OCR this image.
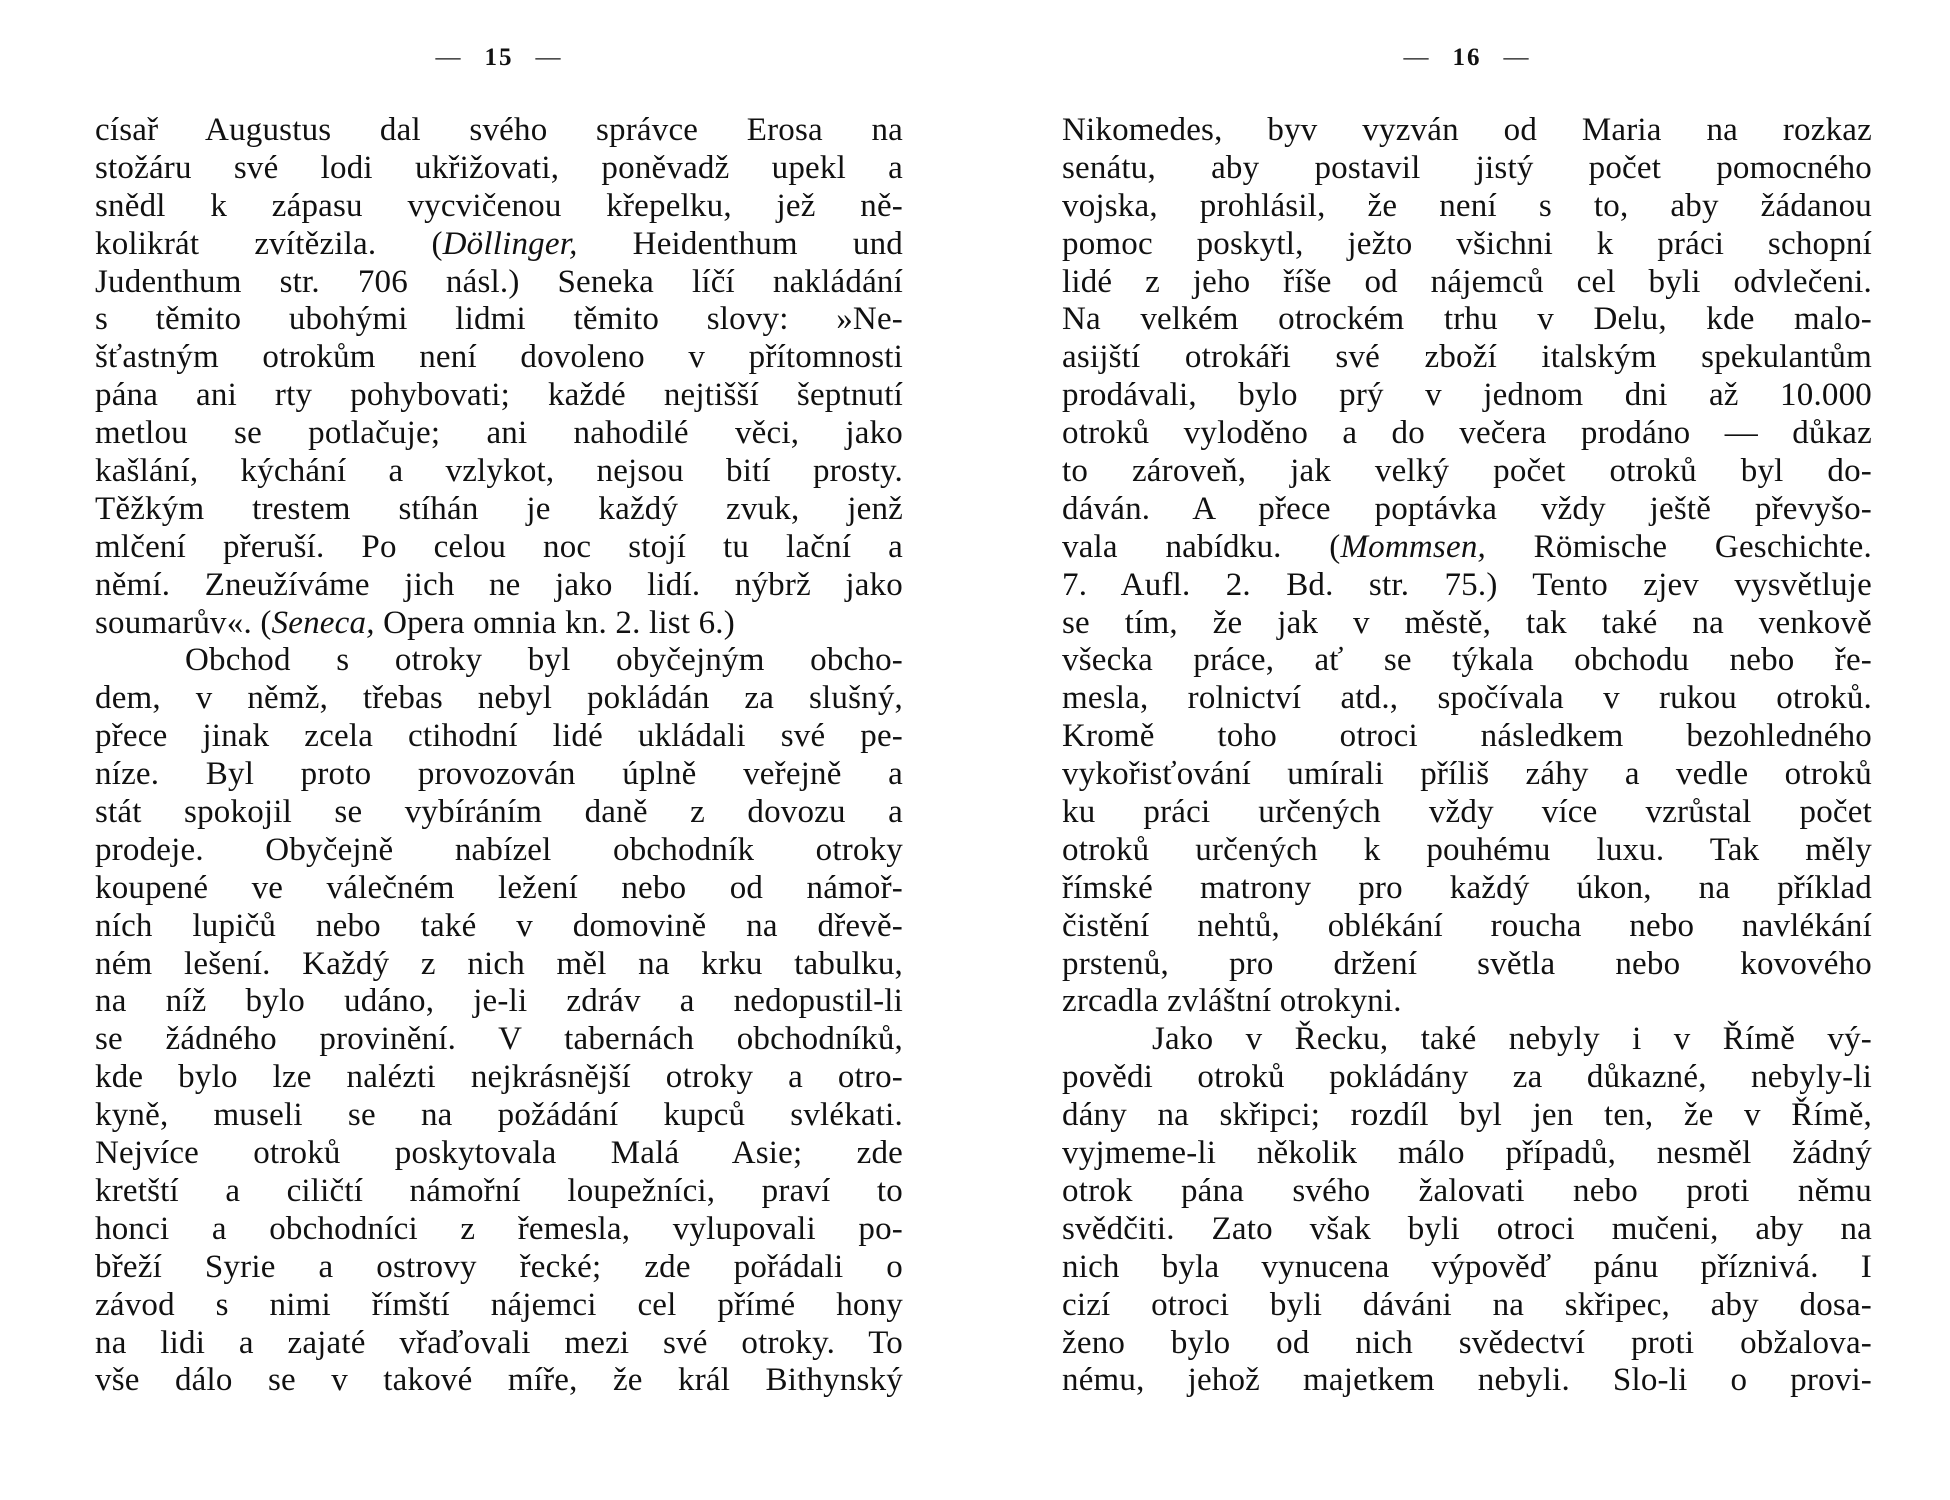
— 15 —
císař Augustus dal svého správce Erosa na
stožáru své lodi ukřižovati, poněvadž upekl a
snědl k zápasu vycvičenou křepelku, jež ně-
kolikrát zvítězila. (Döllinger, Heidenthum und
Judenthum str. 706 násl.) Seneka líčí nakládání
s těmito ubohými lidmi těmito slovy: »Ne-
šťastným otrokům není dovoleno v přítomnosti
pána ani rty pohybovati; každé nejtišší šeptnutí
metlou se potlačuje; ani nahodilé věci, jako
kašlání, kýchání a vzlykot, nejsou bití prosty.
Těžkým trestem stíhán je každý zvuk, jenž
mlčení přeruší. Po celou noc stojí tu lační a
němí. Zneužíváme jich ne jako lidí. nýbrž jako
soumarův«. (Seneca, Opera omnia kn. 2. list 6.)
Obchod s otroky byl obyčejným obcho-
dem, v němž, třebas nebyl pokládán za slušný,
přece jinak zcela ctihodní lidé ukládali své pe-
níze. Byl proto provozován úplně veřejně a
stát spokojil se vybíráním daně z dovozu a
prodeje. Obyčejně nabízel obchodník otroky
koupené ve válečném ležení nebo od námoř-
ních lupičů nebo také v domovině na dřevě-
ném lešení. Každý z nich měl na krku tabulku,
na níž bylo udáno, je-li zdráv a nedopustil-li
se žádného provinění. V tabernách obchodníků,
kde bylo lze nalézti nejkrásnější otroky a otro-
kyně, museli se na požádání kupců svlékati.
Nejvíce otroků poskytovala Malá Asie; zde
kretští a ciličtí námořní loupežníci, praví to
honci a obchodníci z řemesla, vylupovali po-
břeží Syrie a ostrovy řecké; zde pořádali o
závod s nimi římští nájemci cel přímé hony
na lidi a zajaté vřaďovali mezi své otroky. To
vše dálo se v takové míře, že král Bithynský
— 16 —
Nikomedes, byv vyzván od Maria na rozkaz
senátu, aby postavil jistý počet pomocného
vojska, prohlásil, že není s to, aby žádanou
pomoc poskytl, ježto všichni k práci schopní
lidé z jeho říše od nájemců cel byli odvlečeni.
Na velkém otrockém trhu v Delu, kde malo-
asijští otrokáři své zboží italským spekulantům
prodávali, bylo prý v jednom dni až 10.000
otroků vyloděno a do večera prodáno — důkaz
to zároveň, jak velký počet otroků byl do-
dáván. A přece poptávka vždy ještě převyšo-
vala nabídku. (Mommsen, Römische Geschichte.
7. Aufl. 2. Bd. str. 75.) Tento zjev vysvětluje
se tím, že jak v městě, tak také na venkově
všecka práce, ať se týkala obchodu nebo ře-
mesla, rolnictví atd., spočívala v rukou otroků.
Kromě toho otroci následkem bezohledného
vykořisťování umírali příliš záhy a vedle otroků
ku práci určených vždy více vzrůstal počet
otroků určených k pouhému luxu. Tak měly
římské matrony pro každý úkon, na příklad
čistění nehtů, oblékání roucha nebo navlékání
prstenů, pro držení světla nebo kovového
zrcadla zvláštní otrokyni.
Jako v Řecku, také nebyly i v Římě vý-
povědi otroků pokládány za důkazné, nebyly-li
dány na skřipci; rozdíl byl jen ten, že v Římě,
vyjmeme-li několik málo případů, nesměl žádný
otrok pána svého žalovati nebo proti němu
svědčiti. Zato však byli otroci mučeni, aby na
nich byla vynucena výpověď pánu příznivá. I
cizí otroci byli dáváni na skřipec, aby dosa-
ženo bylo od nich svědectví proti obžalova-
nému, jehož majetkem nebyli. Slo-li o provi-
